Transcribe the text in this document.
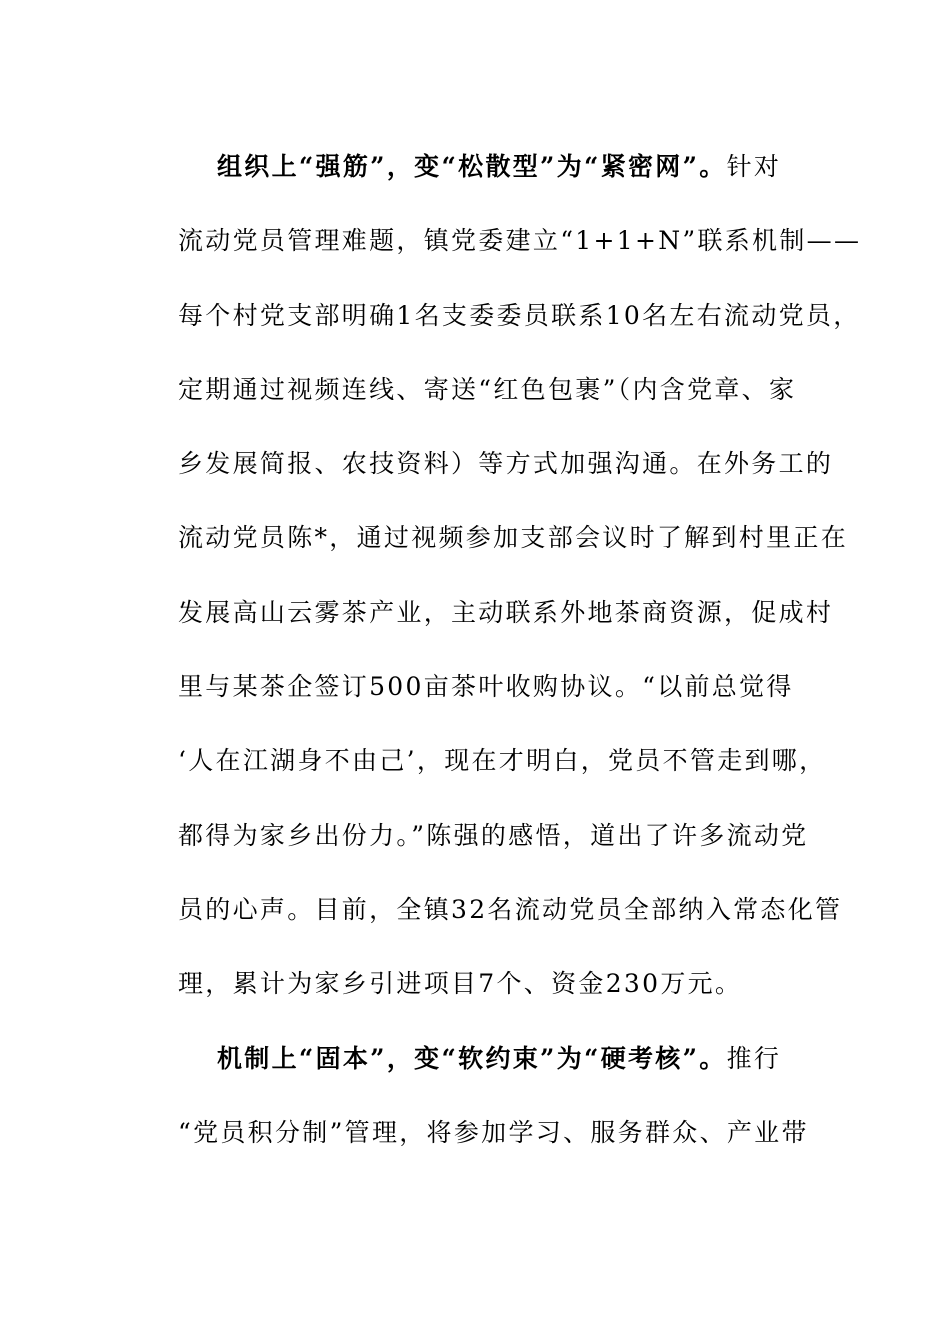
组织上“强筋”，变“松散型”为“紧密网”。针对
流动党员管理难题，镇党委建立“1+1+N”联系机制——
每个村党支部明确1名支委委员联系10名左右流动党员，
定期通过视频连线、寄送“红色包裹”（内含党章、家
乡发展简报、农技资料）等方式加强沟通。在外务工的
流动党员陈*，通过视频参加支部会议时了解到村里正在
发展高山云雾茶产业，主动联系外地茶商资源，促成村
里与某茶企签订500亩茶叶收购协议。“以前总觉得
‘人在江湖身不由己’，现在才明白，党员不管走到哪，
都得为家乡出份力。”陈强的感悟，道出了许多流动党
员的心声。目前，全镇32名流动党员全部纳入常态化管
理，累计为家乡引进项目7个、资金230万元。
机制上“固本”，变“软约束”为“硬考核”。推行
“党员积分制”管理，将参加学习、服务群众、产业带
